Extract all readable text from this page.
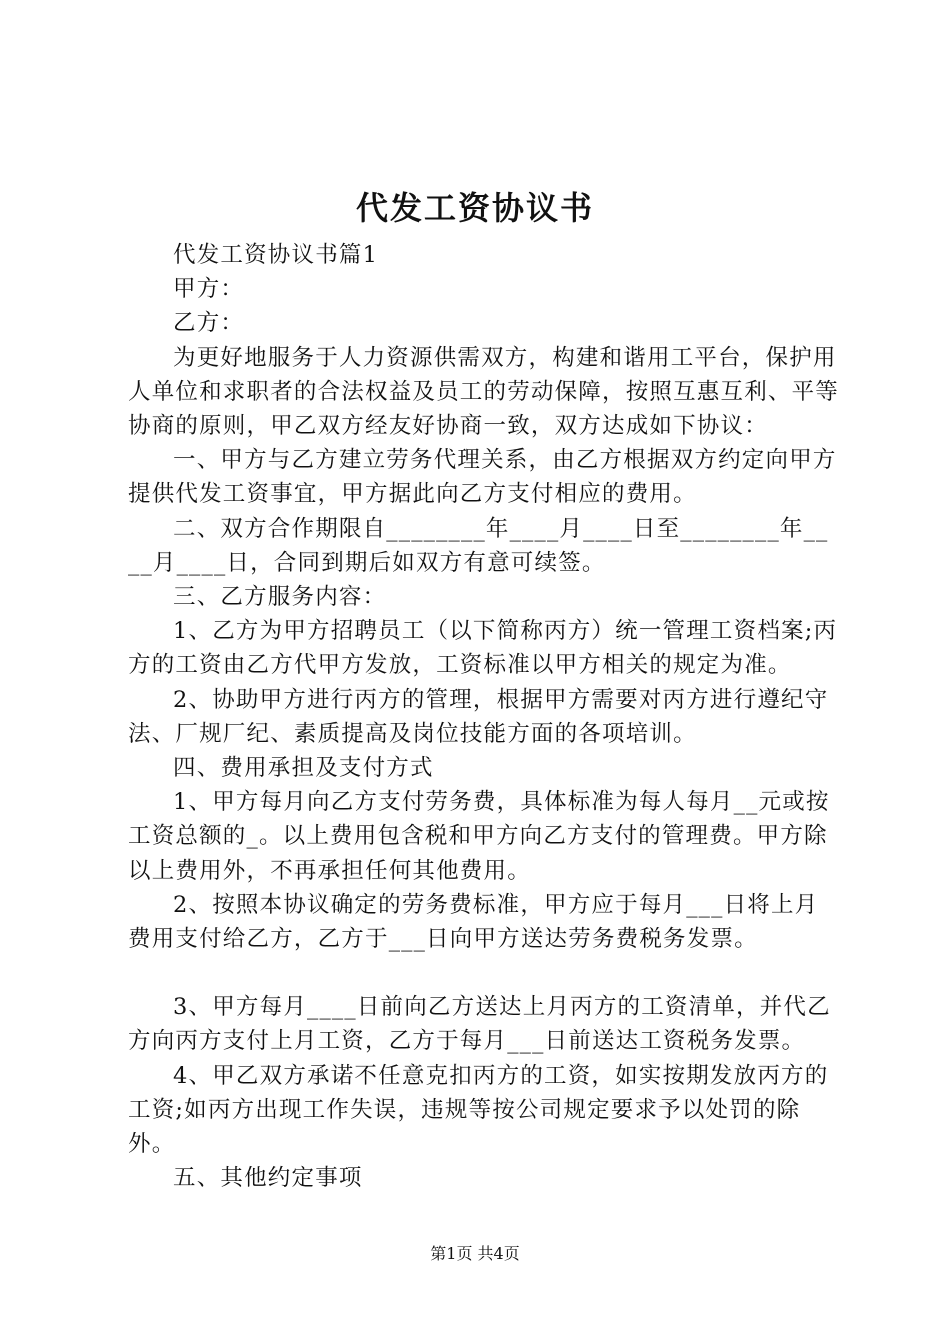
代发工资协议书

代发工资协议书篇1

甲方：

乙方：

为更好地服务于人力资源供需双方，构建和谐用工平台，保护用人单位和求职者的合法权益及员工的劳动保障，按照互惠互利、平等协商的原则，甲乙双方经友好协商一致，双方达成如下协议：

一、甲方与乙方建立劳务代理关系，由乙方根据双方约定向甲方提供代发工资事宜，甲方据此向乙方支付相应的费用。

二、双方合作期限自________年____月____日至________年____月____日，合同到期后如双方有意可续签。

三、乙方服务内容：

1、乙方为甲方招聘员工（以下简称丙方）统一管理工资档案;丙方的工资由乙方代甲方发放，工资标准以甲方相关的规定为准。

2、协助甲方进行丙方的管理，根据甲方需要对丙方进行遵纪守法、厂规厂纪、素质提高及岗位技能方面的各项培训。

四、费用承担及支付方式

1、甲方每月向乙方支付劳务费，具体标准为每人每月__元或按工资总额的_。以上费用包含税和甲方向乙方支付的管理费。甲方除以上费用外，不再承担任何其他费用。

2、按照本协议确定的劳务费标准，甲方应于每月___日将上月费用支付给乙方，乙方于___日向甲方送达劳务费税务发票。

3、甲方每月____日前向乙方送达上月丙方的工资清单，并代乙方向丙方支付上月工资，乙方于每月___日前送达工资税务发票。

4、甲乙双方承诺不任意克扣丙方的工资，如实按期发放丙方的工资;如丙方出现工作失误，违规等按公司规定要求予以处罚的除外。

五、其他约定事项

第1页 共4页
